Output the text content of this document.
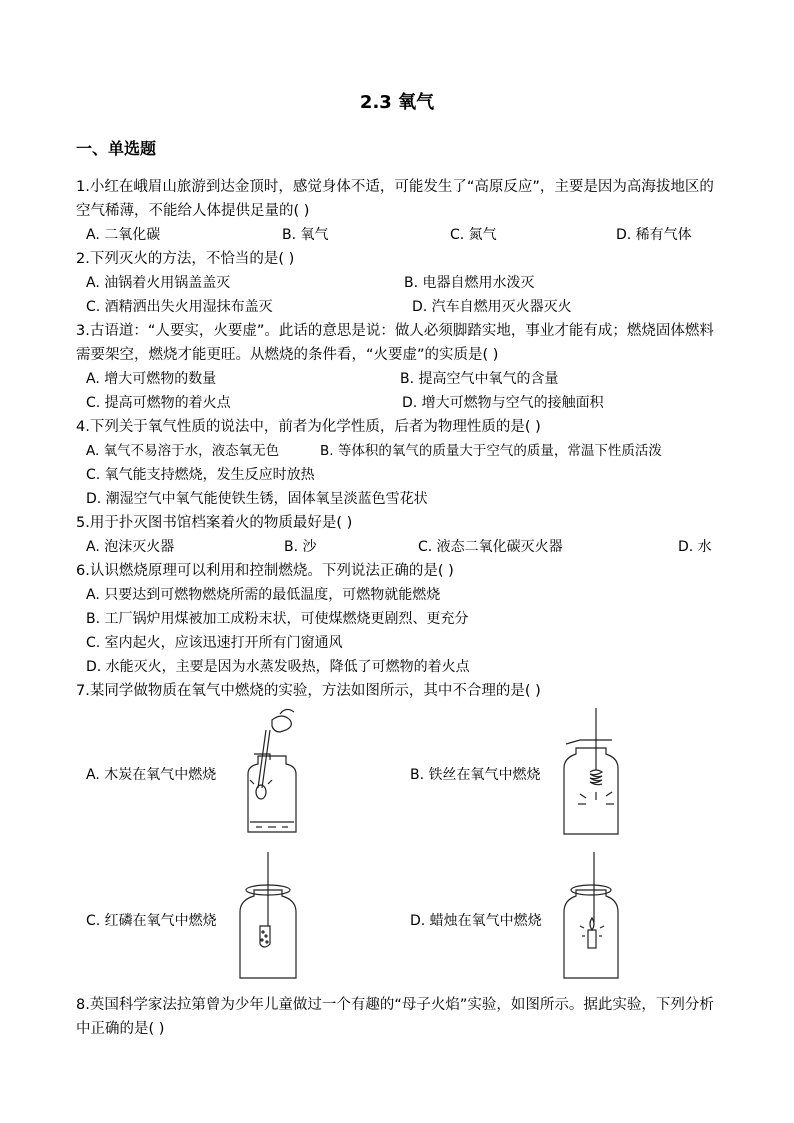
2.3 氧气
一、单选题
1.小红在峨眉山旅游到达金顶时，感觉身体不适，可能发生了“高原反应”，主要是因为高海拔地区的空气稀薄，不能给人体提供足量的( )
A. 二氧化碳	B. 氧气	C. 氮气	D. 稀有气体
2.下列灭火的方法，不恰当的是( )
A. 油锅着火用锅盖盖灭	B. 电器自燃用水泼灭
C. 酒精洒出失火用湿抹布盖灭	D. 汽车自燃用灭火器灭火
3.古语道：“人要实，火要虚”。此话的意思是说：做人必须脚踏实地，事业才能有成；燃烧固体燃料需要架空，燃烧才能更旺。从燃烧的条件看，“火要虚”的实质是( )
A. 增大可燃物的数量	B. 提高空气中氧气的含量
C. 提高可燃物的着火点	D. 增大可燃物与空气的接触面积
4.下列关于氧气性质的说法中，前者为化学性质，后者为物理性质的是( )
A. 氧气不易溶于水，液态氧无色	B. 等体积的氧气的质量大于空气的质量，常温下性质活泼
C. 氧气能支持燃烧，发生反应时放热
D. 潮湿空气中氧气能使铁生锈，固体氧呈淡蓝色雪花状
5.用于扑灭图书馆档案着火的物质最好是( )
A. 泡沫灭火器	B. 沙	C. 液态二氧化碳灭火器	D. 水
6.认识燃烧原理可以利用和控制燃烧。下列说法正确的是( )
A. 只要达到可燃物燃烧所需的最低温度，可燃物就能燃烧
B. 工厂锅炉用煤被加工成粉末状，可使煤燃烧更剧烈、更充分
C. 室内起火，应该迅速打开所有门窗通风
D. 水能灭火，主要是因为水蒸发吸热，降低了可燃物的着火点
7.某同学做物质在氧气中燃烧的实验，方法如图所示，其中不合理的是( )
A. 木炭在氧气中燃烧	B. 铁丝在氧气中燃烧
C. 红磷在氧气中燃烧	D. 蜡烛在氧气中燃烧
8.英国科学家法拉第曾为少年儿童做过一个有趣的“母子火焰”实验，如图所示。据此实验，下列分析中正确的是( )
